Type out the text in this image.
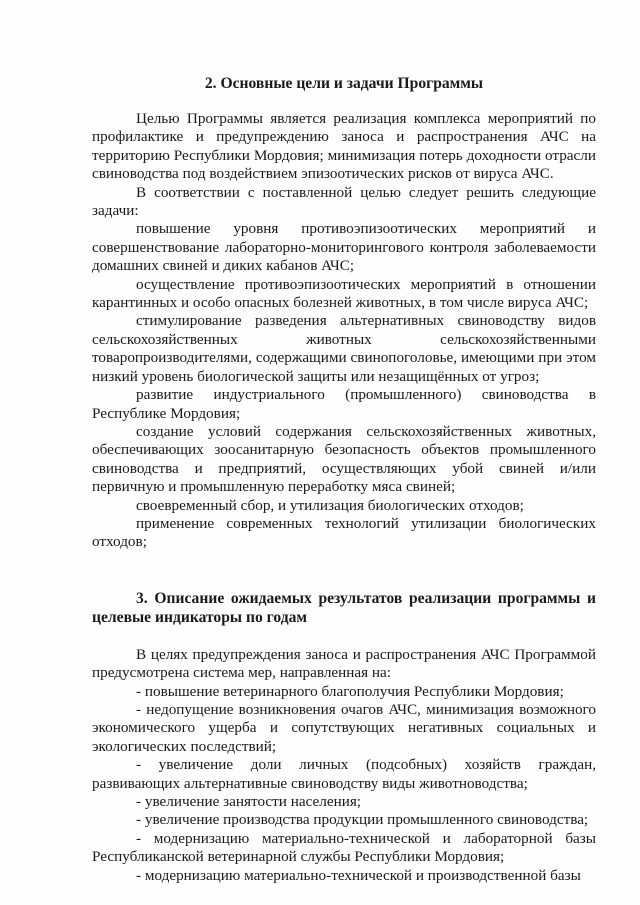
2. Основные цели и задачи Программы

Целью Программы является реализация комплекса мероприятий по профилактике и предупреждению заноса и распространения АЧС на территорию Республики Мордовия; минимизация потерь доходности отрасли свиноводства под воздействием эпизоотических рисков от вируса АЧС.

В соответствии с поставленной целью следует решить следующие задачи:

повышение уровня противоэпизоотических мероприятий и совершенствование лабораторно-мониторингового контроля заболеваемости домашних свиней и диких кабанов АЧС;

осуществление противоэпизоотических мероприятий в отношении карантинных и особо опасных болезней животных, в том числе вируса АЧС;

стимулирование разведения альтернативных свиноводству видов сельскохозяйственных животных сельскохозяйственными товаропроизводителями, содержащими свинопоголовье, имеющими при этом низкий уровень биологической защиты или незащищённых от угроз;

развитие индустриального (промышленного) свиноводства в Республике Мордовия;

создание условий содержания сельскохозяйственных животных, обеспечивающих зоосанитарную безопасность объектов промышленного свиноводства и предприятий, осуществляющих убой свиней и/или первичную и промышленную переработку мяса свиней;

своевременный сбор, и утилизация биологических отходов;

применение современных технологий утилизации биологических отходов;

3. Описание ожидаемых результатов реализации программы и целевые индикаторы по годам

В целях предупреждения заноса и распространения АЧС Программой предусмотрена система мер, направленная на:

- повышение ветеринарного благополучия Республики Мордовия;

- недопущение возникновения очагов АЧС, минимизация возможного экономического ущерба и сопутствующих негативных социальных и экологических последствий;

- увеличение доли личных (подсобных) хозяйств граждан, развивающих альтернативные свиноводству виды животноводства;

- увеличение занятости населения;

- увеличение производства продукции промышленного свиноводства;

- модернизацию материально-технической и лабораторной базы Республиканской ветеринарной службы Республики Мордовия;

- модернизацию материально-технической и производственной базы
